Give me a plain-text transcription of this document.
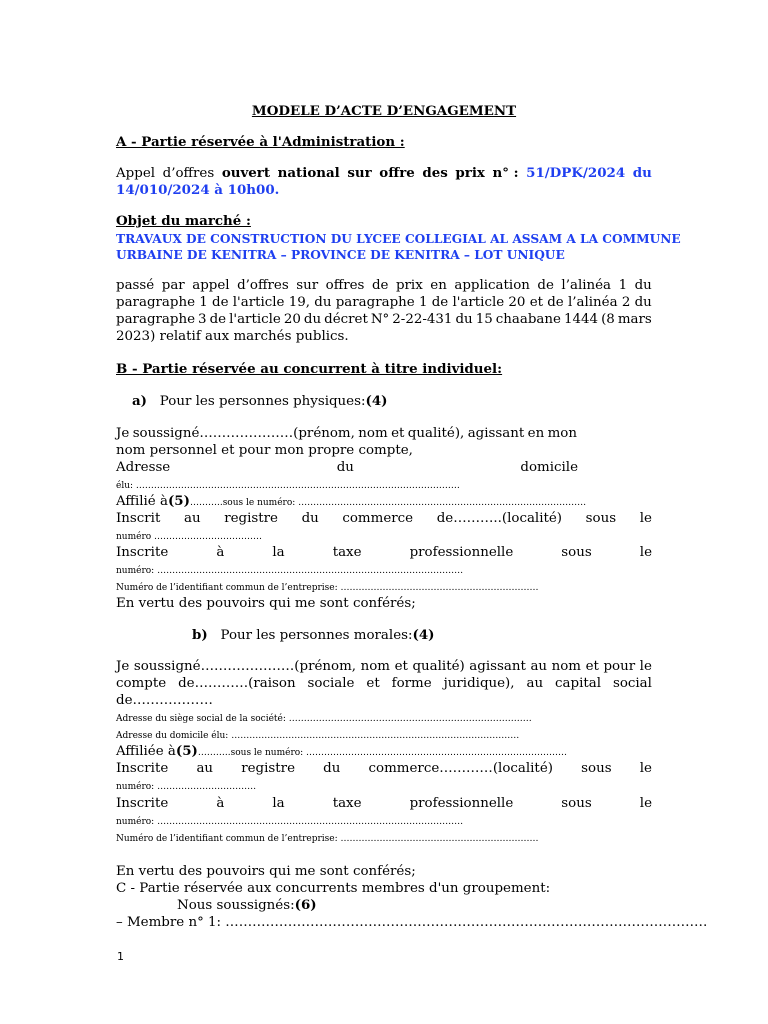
MODELE D’ACTE D’ENGAGEMENT
A - Partie réservée à l'Administration :
Appel d’offres ouvert national sur offre des prix n° : 51/DPK/2024 du
14/010/2024 à 10h00.
Objet du marché :
TRAVAUX DE CONSTRUCTION DU LYCEE COLLEGIAL AL ASSAM A LA COMMUNE
URBAINE DE KENITRA – PROVINCE DE KENITRA – LOT UNIQUE
passé par appel d’offres sur offres de prix en application de l’alinéa 1 du
paragraphe 1 de l'article 19, du paragraphe 1 de l'article 20 et de l’alinéa 2 du
paragraphe 3 de l'article 20 du décret N° 2-22-431 du 15 chaabane 1444 (8 mars
2023) relatif aux marchés publics.
B - Partie réservée au concurrent à titre individuel:
a) Pour les personnes physiques:(4)
Je soussigné…………………(prénom, nom et qualité), agissant en mon
nom personnel et pour mon propre compte,
Adresse	du	domicile
élu: ………………………………………………………………………………………………
Affilié à(5)………..sous le numéro: ……………………………………………………………………………………
Inscrit au registre du commerce de………..(localité) sous le
numéro ………………………………
Inscrite	à	la	taxe	professionnelle	sous	le
numéro: …………………………………………………………………………………………
Numéro de l’identifiant commun de l’entreprise: …………………………………………………………
En vertu des pouvoirs qui me sont conférés;
b) Pour les personnes morales:(4)
Je soussigné…………………(prénom, nom et qualité) agissant au nom et pour le
compte de…………(raison sociale et forme juridique), au capital social
de………………
Adresse du siège social de la société: ………………………………………………………………………
Adresse du domicile élu: ……………………………………………………………………………………
Affiliée à(5)………..sous le numéro: ……………………………………………………………………………
Inscrite au registre du commerce…………(localité) sous le
numéro: ……………………………
Inscrite	à	la	taxe	professionnelle	sous	le
numéro: …………………………………………………………………………………………
Numéro de l’identifiant commun de l’entreprise: …………………………………………………………
En vertu des pouvoirs qui me sont conférés;
C - Partie réservée aux concurrents membres d'un groupement:
Nous soussignés:(6)
– Membre n° 1: ………………………………………………………………………………………………
1
